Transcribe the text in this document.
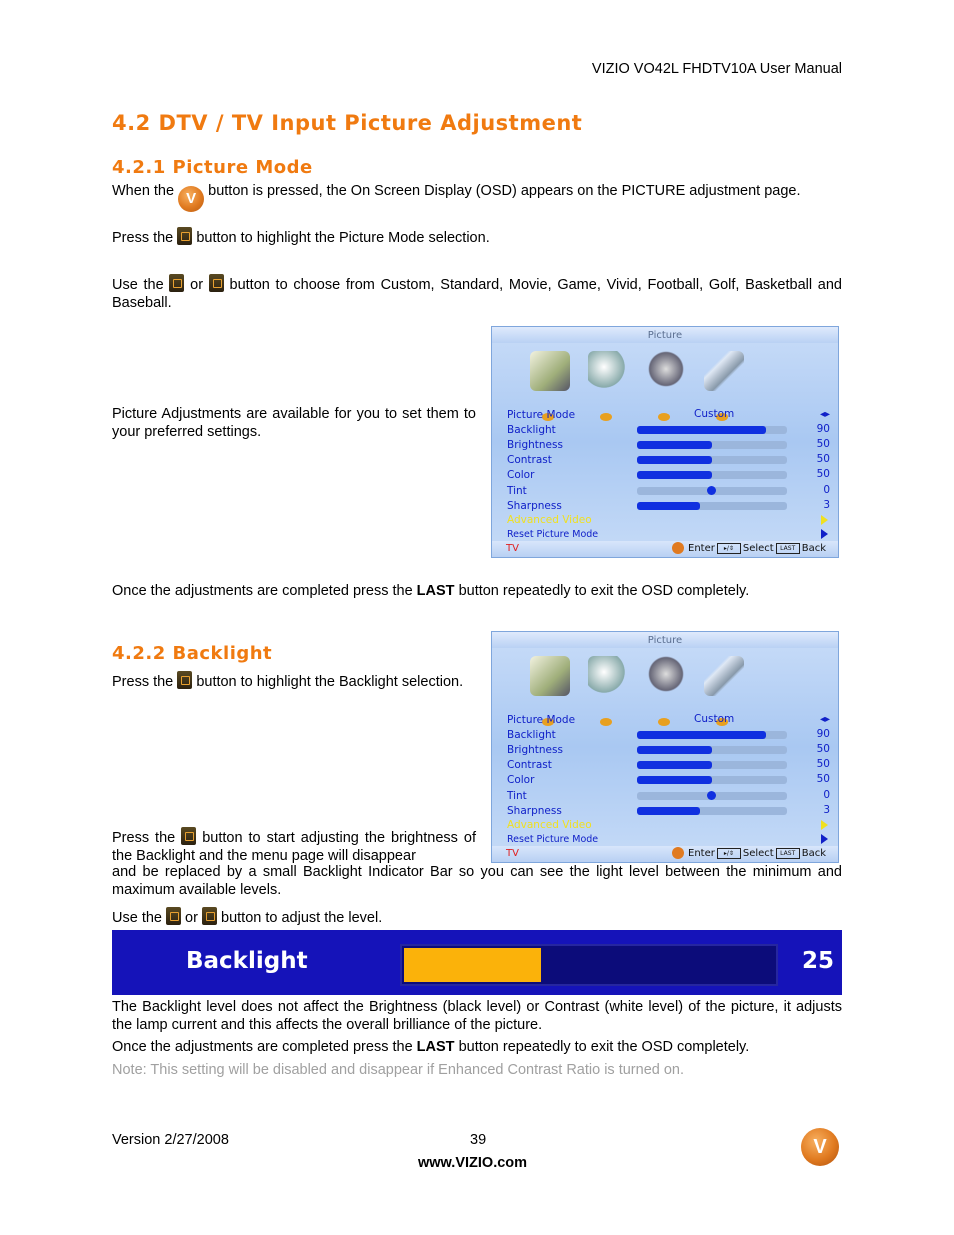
VIZIO VO42L FHDTV10A User Manual
4.2 DTV / TV Input Picture Adjustment
4.2.1 Picture Mode
When the V button is pressed, the On Screen Display (OSD) appears on the PICTURE adjustment page.
Press the button to highlight the Picture Mode selection.
Use the or button to choose from Custom, Standard, Movie, Game, Vivid, Football, Golf, Basketball and Baseball.
Picture Adjustments are available for you to set them to your preferred settings.
Picture
Picture Mode	Custom	◂▸
Backlight	90
Brightness	50
Contrast	50
Color	50
Tint	0
Sharpness	3
Advanced Video
Reset Picture Mode
TV	Enter ▸/⇕ Select LAST Back
Once the adjustments are completed press the LAST button repeatedly to exit the OSD completely.
4.2.2 Backlight
Press the button to highlight the Backlight selection.
Picture
Picture Mode	Custom	◂▸
Backlight	90
Brightness	50
Contrast	50
Color	50
Tint	0
Sharpness	3
Advanced Video
Reset Picture Mode
TV	Enter ▸/⇕ Select LAST Back
Press the button to start adjusting the brightness of the Backlight and the menu page will disappear
and be replaced by a small Backlight Indicator Bar so you can see the light level between the minimum and maximum available levels.
Use the or button to adjust the level.
Backlight	25
The Backlight level does not affect the Brightness (black level) or Contrast (white level) of the picture, it adjusts the lamp current and this affects the overall brilliance of the picture.
Once the adjustments are completed press the LAST button repeatedly to exit the OSD completely.
Note: This setting will be disabled and disappear if Enhanced Contrast Ratio is turned on.
Version 2/27/2008	39
www.VIZIO.com
V
